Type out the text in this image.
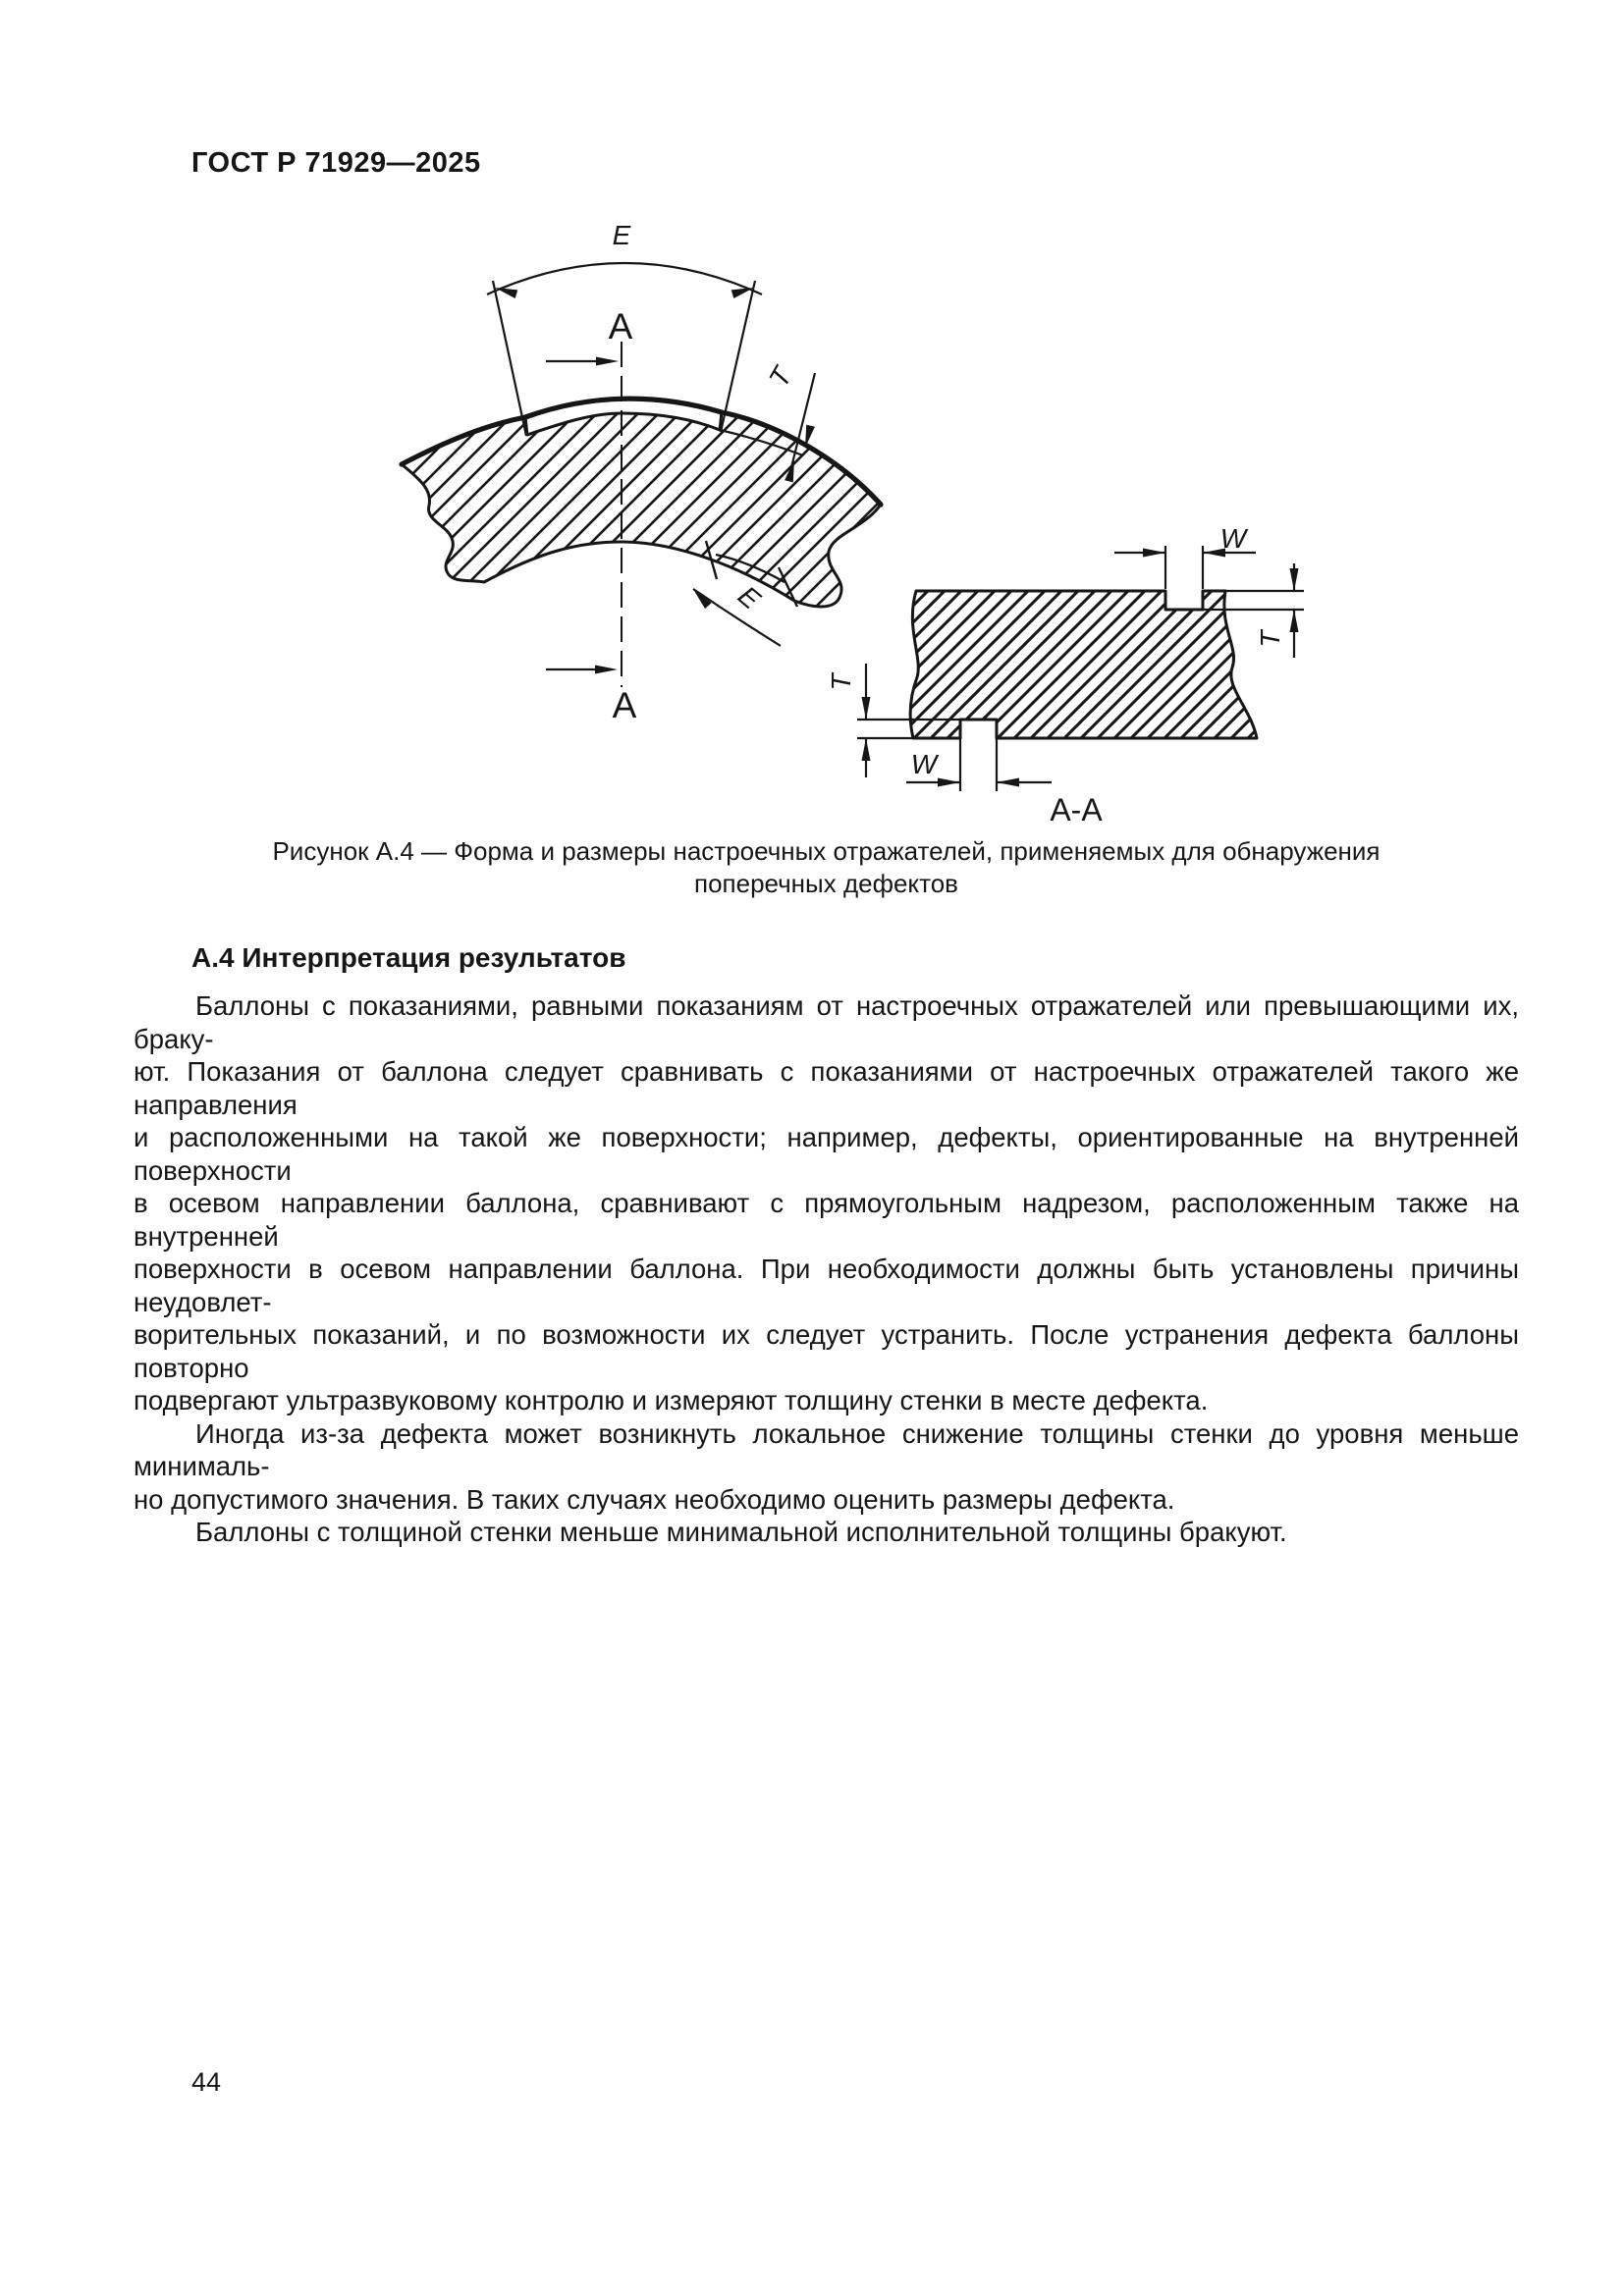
ГОСТ Р 71929—2025
E
A
T
E
A
W
T
T
W
А-А
Рисунок А.4 — Форма и размеры настроечных отражателей, применяемых для обнаружения
поперечных дефектов
А.4 Интерпретация результатов
Баллоны с показаниями, равными показаниям от настроечных отражателей или превышающими их, браку-
ют. Показания от баллона следует сравнивать с показаниями от настроечных отражателей такого же направления
и расположенными на такой же поверхности; например, дефекты, ориентированные на внутренней поверхности
в осевом направлении баллона, сравнивают с прямоугольным надрезом, расположенным также на внутренней
поверхности в осевом направлении баллона. При необходимости должны быть установлены причины неудовлет-
ворительных показаний, и по возможности их следует устранить. После устранения дефекта баллоны повторно
подвергают ультразвуковому контролю и измеряют толщину стенки в месте дефекта.
Иногда из-за дефекта может возникнуть локальное снижение толщины стенки до уровня меньше минималь-
но допустимого значения. В таких случаях необходимо оценить размеры дефекта.
Баллоны с толщиной стенки меньше минимальной исполнительной толщины бракуют.
44
